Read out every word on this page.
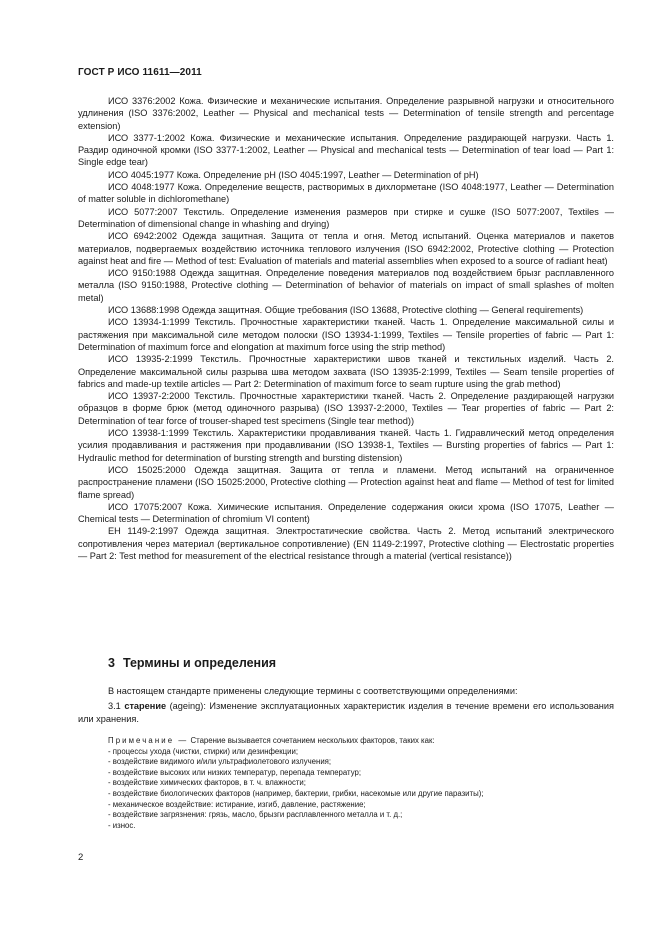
ГОСТ Р ИСО 11611—2011

ИСО 3376:2002 Кожа. Физические и механические испытания. Определение разрывной нагрузки и относительного удлинения (ISO 3376:2002, Leather — Physical and mechanical tests — Determination of tensile strength and percentage extension)

ИСО 3377-1:2002 Кожа. Физические и механические испытания. Определение раздирающей нагрузки. Часть 1. Раздир одиночной кромки (ISO 3377-1:2002, Leather — Physical and mechanical tests — Determination of tear load — Part 1: Single edge tear)

ИСО 4045:1977 Кожа. Определение pH (ISO 4045:1997, Leather — Determination of pH)

ИСО 4048:1977 Кожа. Определение веществ, растворимых в дихлорметане (ISO 4048:1977, Leather — Determination of matter soluble in dichloromethane)

ИСО 5077:2007 Текстиль. Определение изменения размеров при стирке и сушке (ISO 5077:2007, Textiles — Determination of dimensional change in whashing and drying)

ИСО 6942:2002 Одежда защитная. Защита от тепла и огня. Метод испытаний. Оценка материалов и пакетов материалов, подвергаемых воздействию источника теплового излучения (ISO 6942:2002, Protective clothing — Protection against heat and fire — Method of test: Evaluation of materials and material assemblies when exposed to a source of radiant heat)

ИСО 9150:1988 Одежда защитная. Определение поведения материалов под воздействием брызг расплавленного металла (ISO 9150:1988, Protective clothing — Determination of behavior of materials on impact of small splashes of molten metal)

ИСО 13688:1998 Одежда защитная. Общие требования (ISO 13688, Protective clothing — General requirements)

ИСО 13934-1:1999 Текстиль. Прочностные характеристики тканей. Часть 1. Определение максимальной силы и растяжения при максимальной силе методом полоски (ISO 13934-1:1999, Textiles — Tensile properties of fabric — Part 1: Determination of maximum force and elongation at maximum force using the strip method)

ИСО 13935-2:1999 Текстиль. Прочностные характеристики швов тканей и текстильных изделий. Часть 2. Определение максимальной силы разрыва шва методом захвата (ISO 13935-2:1999, Textiles — Seam tensile properties of fabrics and made-up textile articles — Part 2: Determination of maximum force to seam rupture using the grab method)

ИСО 13937-2:2000 Текстиль. Прочностные характеристики тканей. Часть 2. Определение раздирающей нагрузки образцов в форме брюк (метод одиночного разрыва) (ISO 13937-2:2000, Textiles — Tear properties of fabric — Part 2: Determination of tear force of trouser-shaped test specimens (Single tear method))

ИСО 13938-1:1999 Текстиль. Характеристики продавливания тканей. Часть 1. Гидравлический метод определения усилия продавливания и растяжения при продавливании (ISO 13938-1, Textiles — Bursting properties of fabrics — Part 1: Hydraulic method for determination of bursting strength and bursting distension)

ИСО 15025:2000 Одежда защитная. Защита от тепла и пламени. Метод испытаний на ограниченное распространение пламени (ISO 15025:2000, Protective clothing — Protection against heat and flame — Method of test for limited flame spread)

ИСО 17075:2007 Кожа. Химические испытания. Определение содержания окиси хрома (ISO 17075, Leather — Chemical tests — Determination of chromium VI content)

ЕН 1149-2:1997 Одежда защитная. Электростатические свойства. Часть 2. Метод испытаний электрического сопротивления через материал (вертикальное сопротивление) (EN 1149-2:1997, Protective clothing — Electrostatic properties — Part 2: Test method for measurement of the electrical resistance through a material (vertical resistance))

3 Термины и определения

В настоящем стандарте применены следующие термины с соответствующими определениями:

3.1 старение (ageing): Изменение эксплуатационных характеристик изделия в течение времени его использования или хранения.

Примечание — Старение вызывается сочетанием нескольких факторов, таких как:

- процессы ухода (чистки, стирки) или дезинфекции;
- воздействие видимого и/или ультрафиолетового излучения;
- воздействие высоких или низких температур, перепада температур;
- воздействие химических факторов, в т. ч. влажности;
- воздействие биологических факторов (например, бактерии, грибки, насекомые или другие паразиты);
- механическое воздействие: истирание, изгиб, давление, растяжение;
- воздействие загрязнения: грязь, масло, брызги расплавленного металла и т. д.;
- износ.
2
